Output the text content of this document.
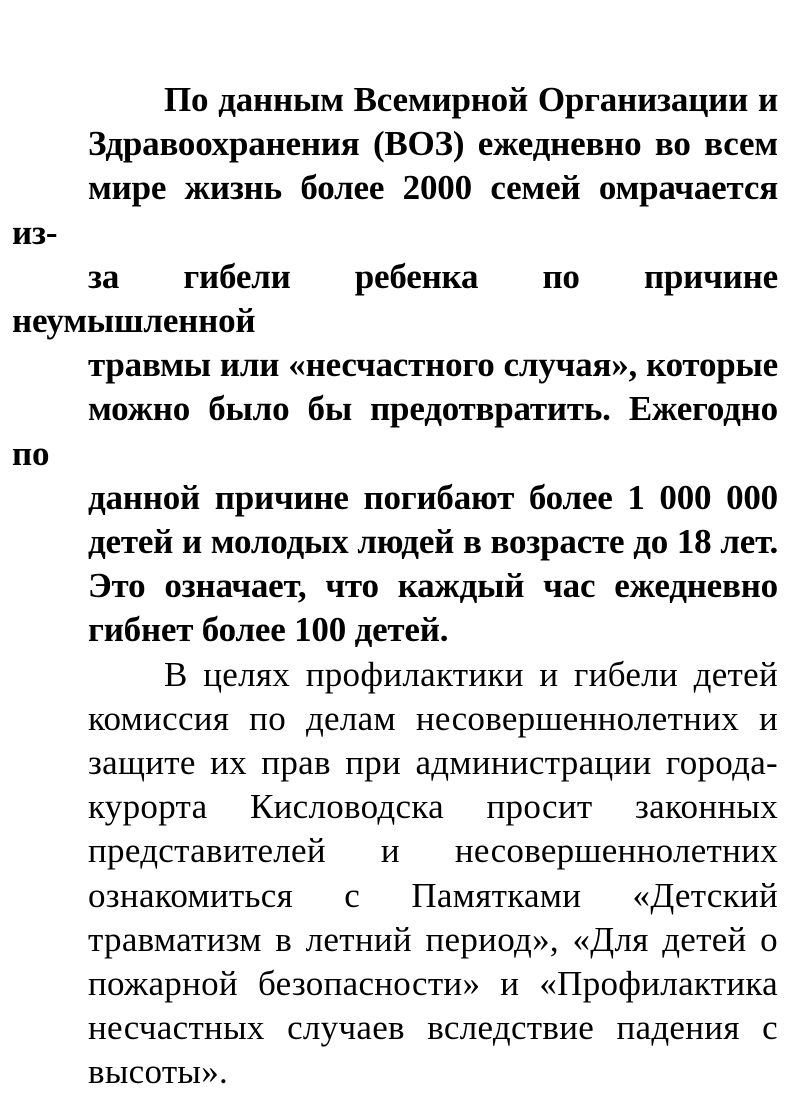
По данным Всемирной Организации и
Здравоохранения (ВОЗ) ежедневно во всем
мире жизнь более 2000 семей омрачается из-
за гибели ребенка по причине неумышленной
травмы или «несчастного случая», которые
можно было бы предотвратить. Ежегодно по
данной причине погибают более 1 000 000
детей и молодых людей в возрасте до 18 лет.
Это означает, что каждый час ежедневно
гибнет более 100 детей.
В целях профилактики и гибели детей
комиссия по делам несовершеннолетних и
защите их прав при администрации города-
курорта Кисловодска просит законных
представителей и несовершеннолетних
ознакомиться с Памятками «Детский
травматизм в летний период», «Для детей о
пожарной безопасности» и «Профилактика
несчастных случаев вследствие падения с
высоты».
